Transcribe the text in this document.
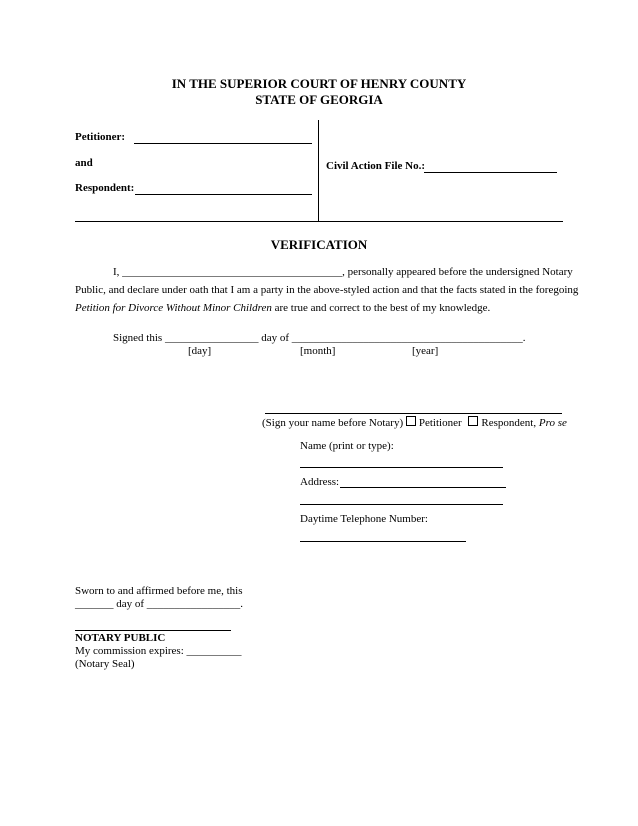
IN THE SUPERIOR COURT OF HENRY COUNTY
STATE OF GEORGIA
Petitioner:
and
Respondent:
Civil Action File No.:
VERIFICATION
I, ________________________________________, personally appeared before the undersigned Notary
Public, and declare under oath that I am a party in the above-styled action and that the facts stated in the foregoing
Petition for Divorce Without Minor Children are true and correct to the best of my knowledge.
Signed this _________________ day of __________________________________________.
[day]	[month]	[year]
(Sign your name before Notary) Petitioner Respondent, Pro se
Name (print or type):
Address:
Daytime Telephone Number:
Sworn to and affirmed before me, this
_______ day of _________________.
NOTARY PUBLIC
My commission expires: __________
(Notary Seal)
